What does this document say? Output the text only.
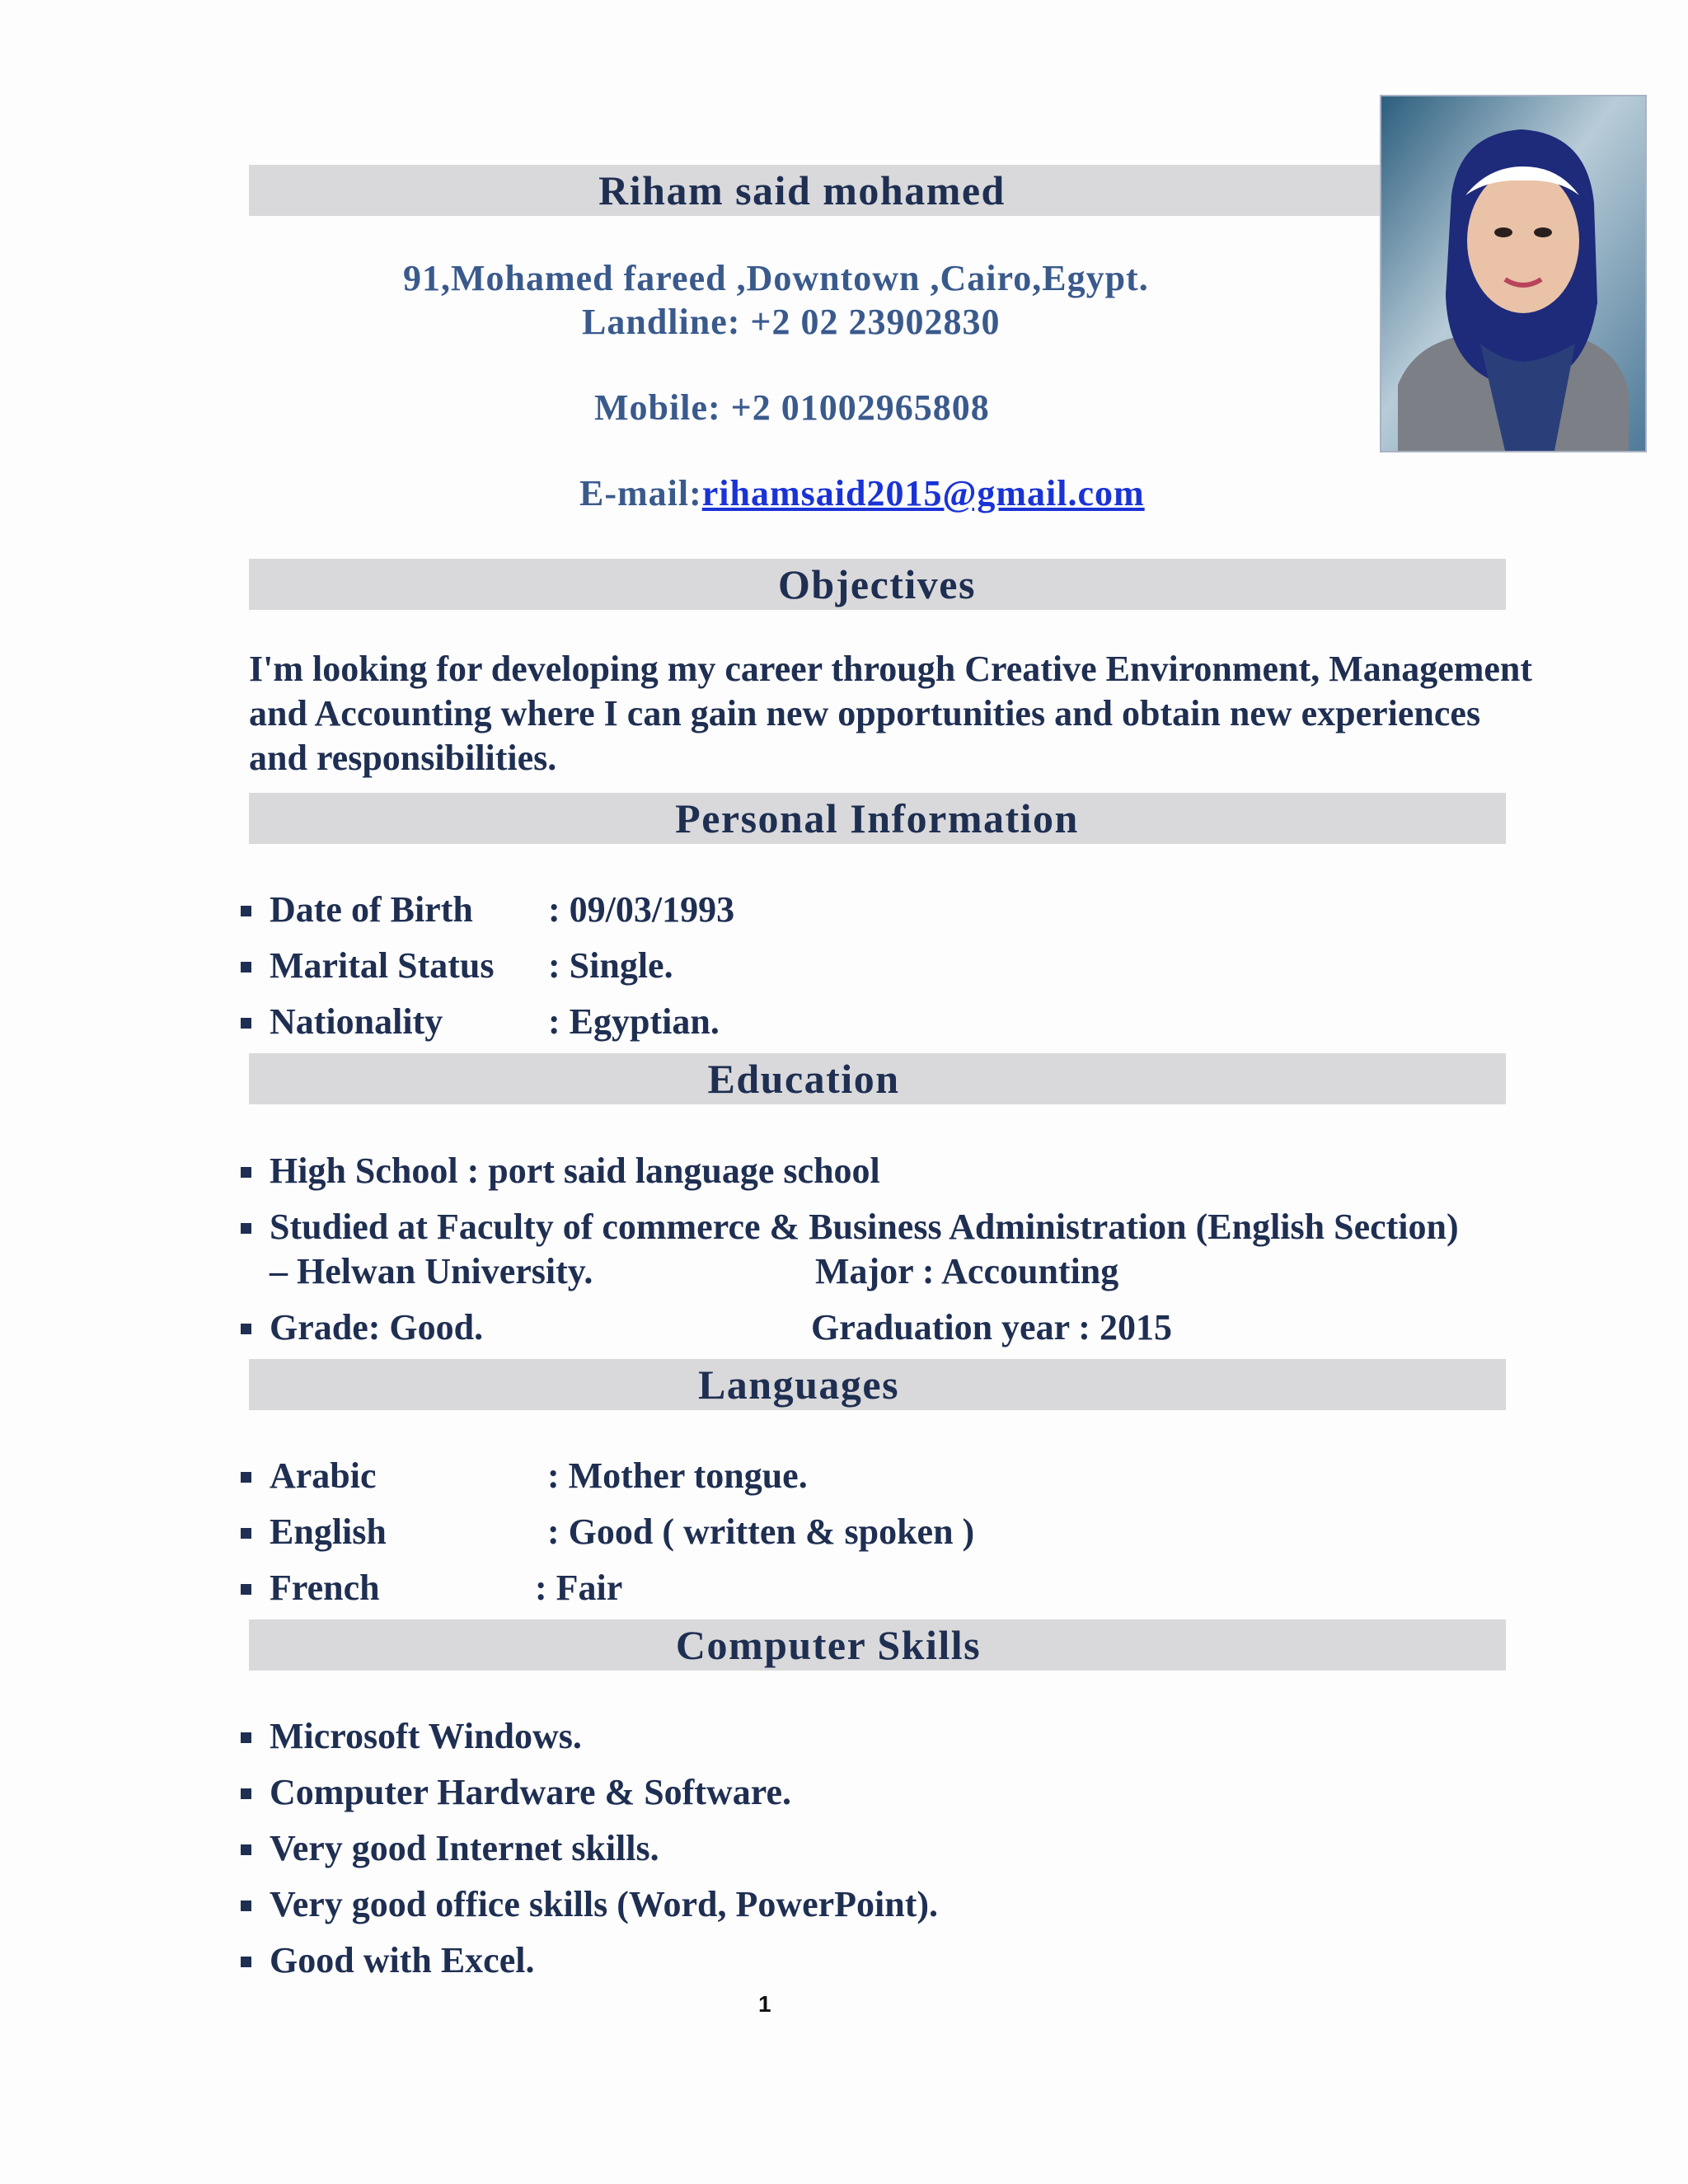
Riham said mohamed
91,Mohamed fareed ,Downtown ,Cairo,Egypt.
Landline: +2 02 23902830
Mobile: +2 01002965808
E-mail:rihamsaid2015@gmail.com
Objectives
I'm looking for developing my career through Creative Environment, Management and Accounting where I can gain new opportunities and obtain new experiences and responsibilities.
Personal Information
Date of Birth : 09/03/1993
Marital Status : Single.
Nationality	: Egyptian.
Education
High School : port said language school
Studied at Faculty of commerce & Business Administration (English Section)
– Helwan University.	Major : Accounting
Grade: Good.	Graduation year : 2015
Languages
Arabic	: Mother tongue.
English	: Good ( written & spoken )
French	: Fair
Computer Skills
Microsoft Windows.
Computer Hardware & Software.
Very good Internet skills.
Very good office skills (Word, PowerPoint).
Good with Excel.
1
